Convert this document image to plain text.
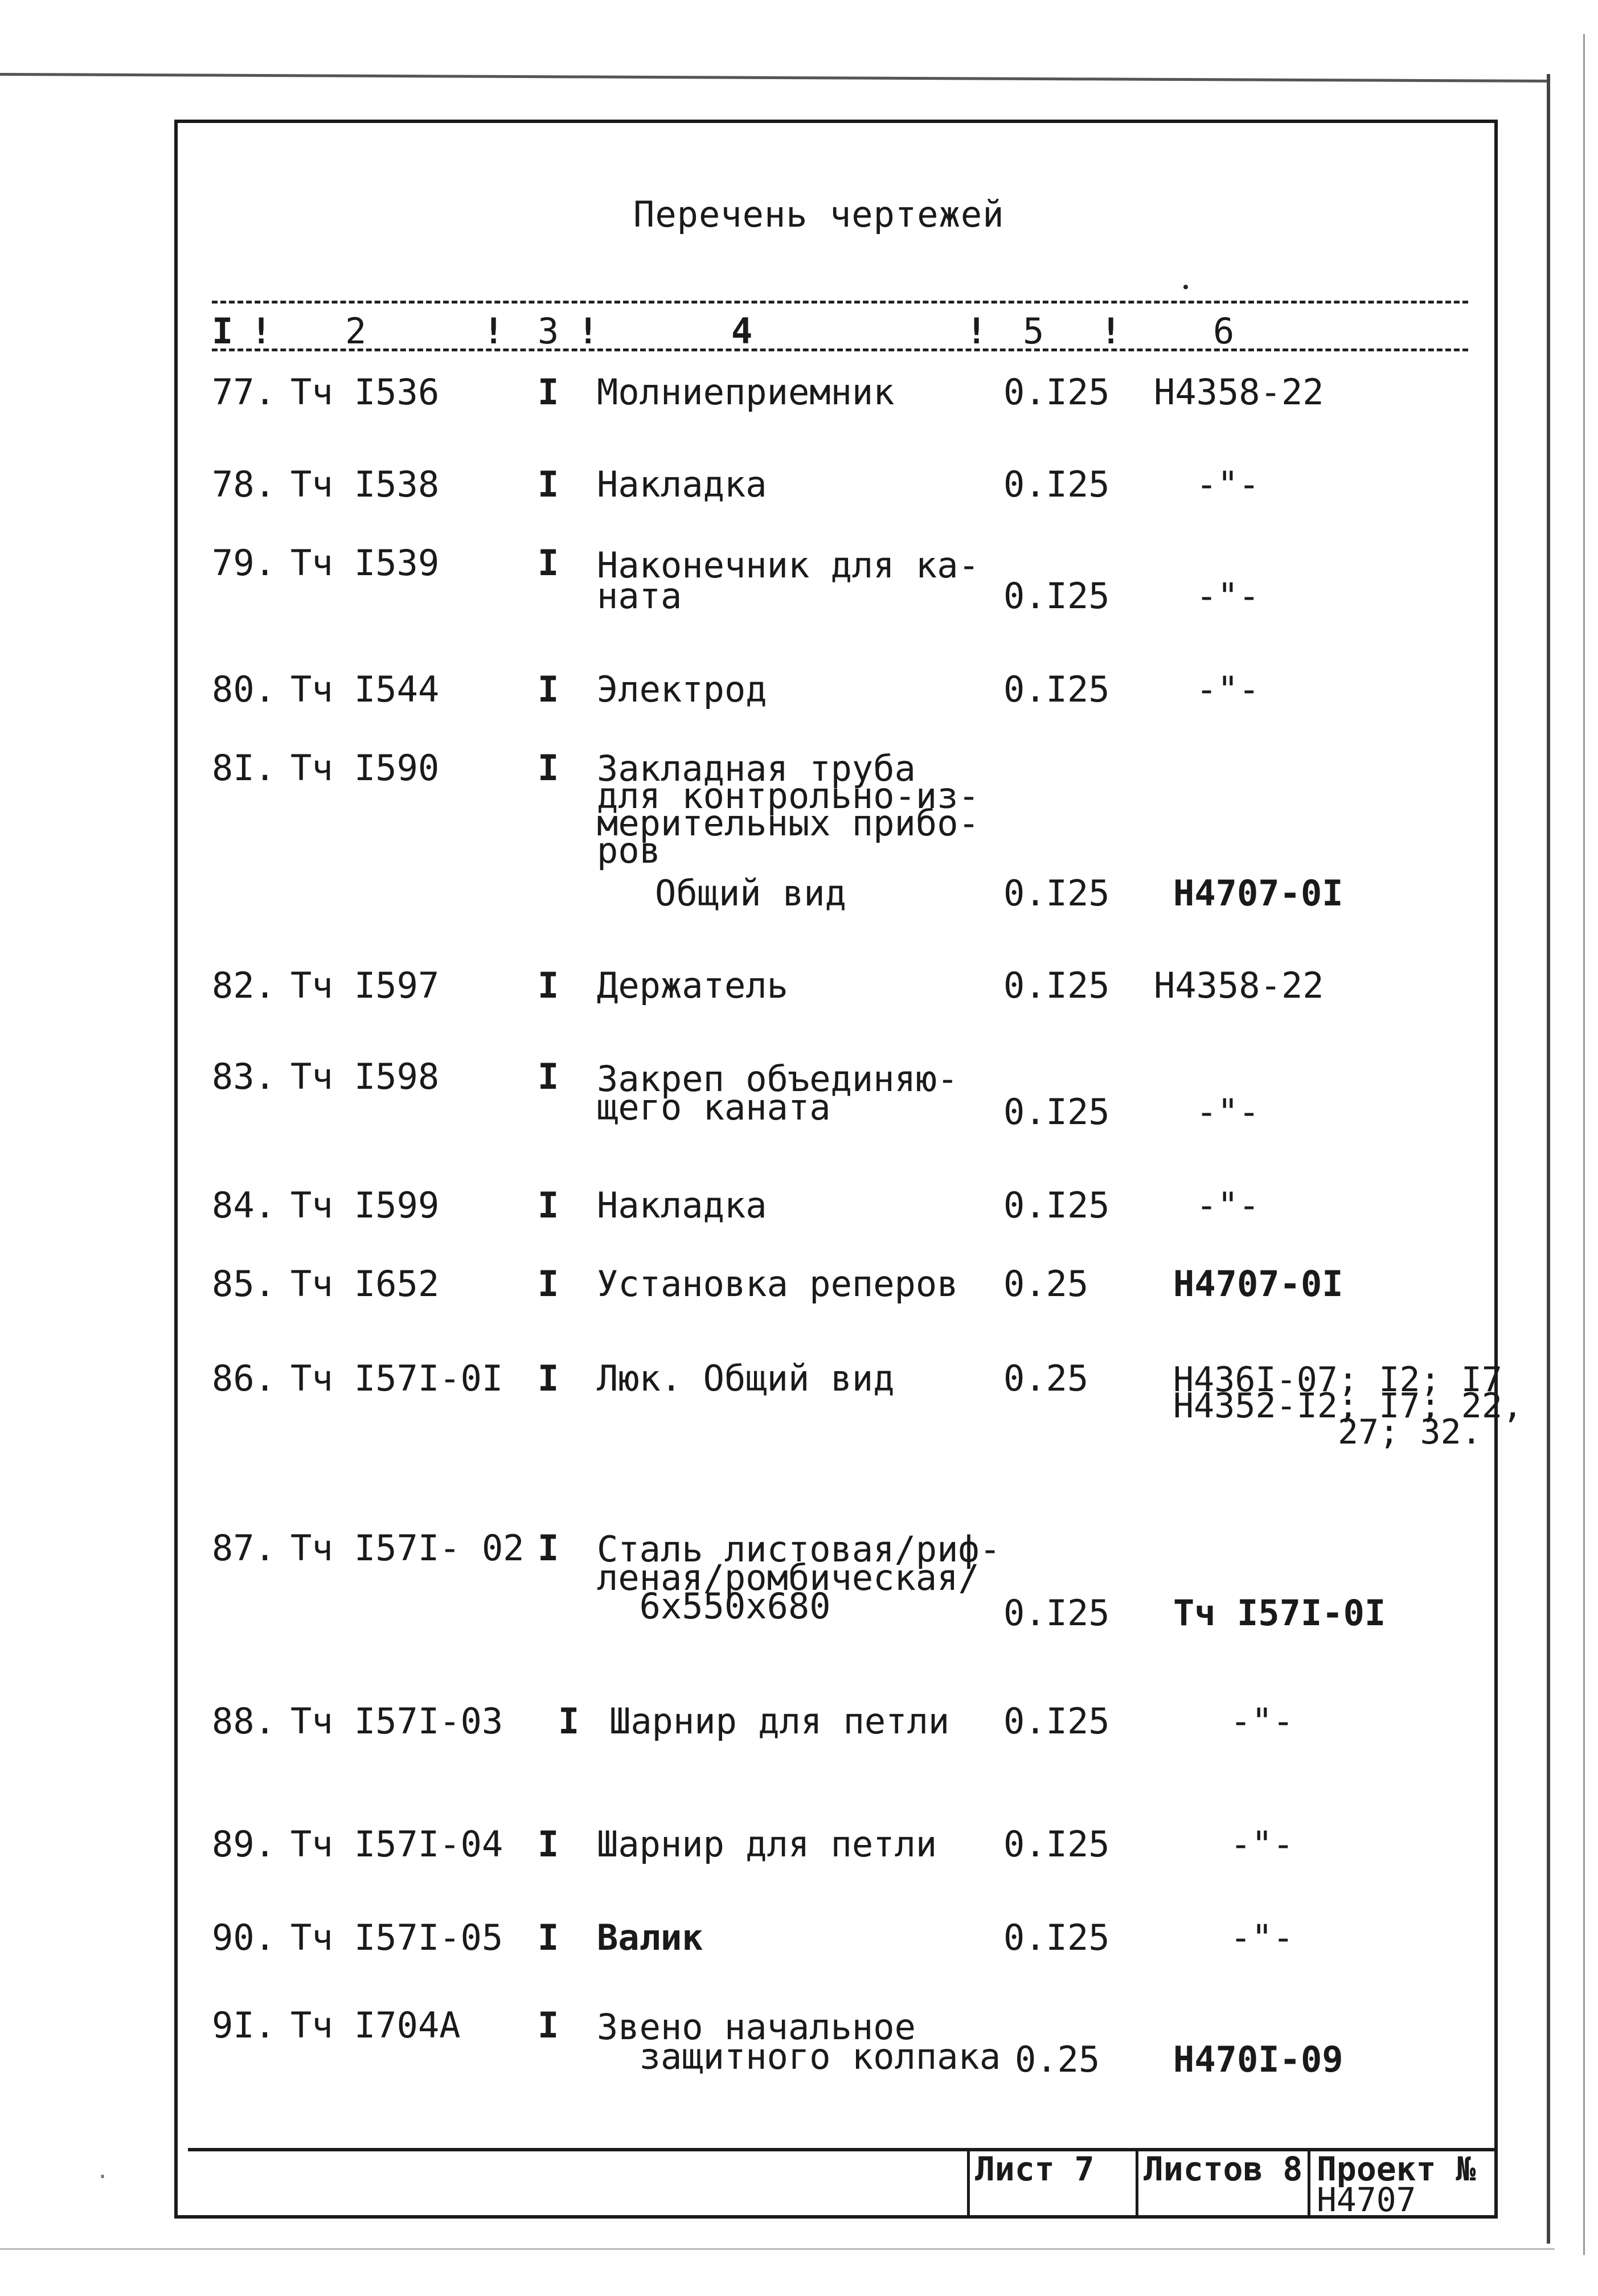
Перечень чертежей
I ! 2	! 3 !	4	! 5 !	6
77. Тч I536	I Молниеприемник	0.I25 Н4358-22
78. Тч I538	I Накладка	0.I25 -"-
79. Тч I539	I Наконечник для ка-
ната	0.I25 -"-
80. Тч I544	I Электрод	0.I25 -"-
8I. Тч I590	I Закладная труба
для контрольно-из-
мерительных прибо-
ров
Общий вид	0.I25 Н4707-0I
82. Тч I597	I Держатель	0.I25 Н4358-22
83. Тч I598	I Закреп объединяю-
щего каната	0.I25 -"-
84. Тч I599	I Накладка	0.I25 -"-
85. Тч I652	I Установка реперов 0.25 Н4707-0I
86. Тч I57I-0I I Люк. Общий вид	0.25 Н436I-07; I2; I7
Н4352-I2; I7; 22,
27; 32.
87. Тч I57I- 02 I Сталь листовая/риф-
леная/ромбическая/
6x550x680	0.I25 Тч I57I-0I
88. Тч I57I-03 I Шарнир для петли 0.I25	-"-
89. Тч I57I-04 I Шарнир для петли 0.I25	-"-
90. Тч I57I-05 I Валик	0.I25	-"-
9I. Тч I704А I Звено начальное
защитного колпака 0.25 Н470I-09
Лист 7 Листов 8 Проект №
Н4707
·
